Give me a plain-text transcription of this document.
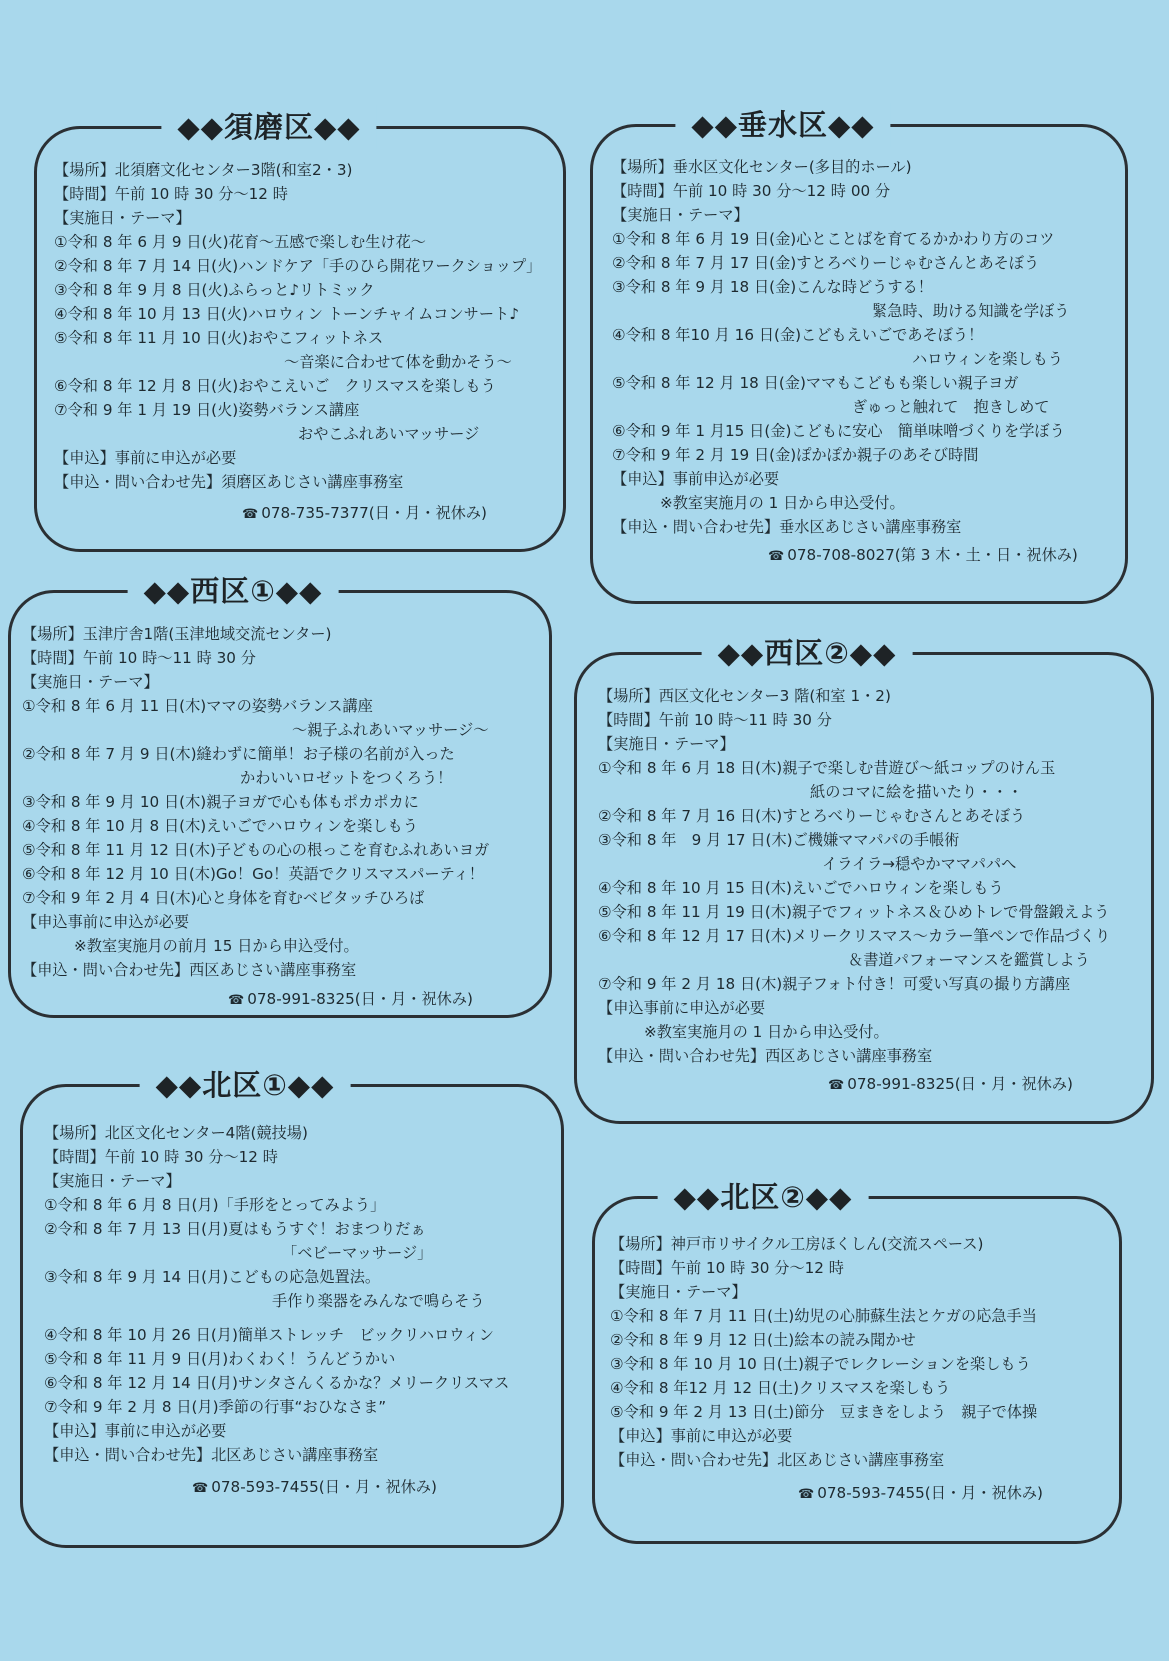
◆◆須磨区◆◆
【場所】北須磨文化センター3階(和室2・3)
【時間】午前 10 時 30 分～12 時
【実施日・テーマ】
①令和 8 年 6 月 9 日(火)花育～五感で楽しむ生け花～
②令和 8 年 7 月 14 日(火)ハンドケア「手のひら開花ワークショップ」
③令和 8 年 9 月 8 日(火)ふらっと♪リトミック
④令和 8 年 10 月 13 日(火)ハロウィン トーンチャイムコンサート♪
⑤令和 8 年 11 月 10 日(火)おやこフィットネス
～音楽に合わせて体を動かそう～
⑥令和 8 年 12 月 8 日(火)おやこえいご　クリスマスを楽しもう
⑦令和 9 年 1 月 19 日(火)姿勢バランス講座
おやこふれあいマッサージ
【申込】事前に申込が必要
【申込・問い合わせ先】須磨区あじさい講座事務室
☎ 078-735-7377(日・月・祝休み)
◆◆垂水区◆◆
【場所】垂水区文化センター(多目的ホール)
【時間】午前 10 時 30 分～12 時 00 分
【実施日・テーマ】
①令和 8 年 6 月 19 日(金)心とことばを育てるかかわり方のコツ
②令和 8 年 7 月 17 日(金)すとろべりーじゃむさんとあそぼう
③令和 8 年 9 月 18 日(金)こんな時どうする！
緊急時、助ける知識を学ぼう
④令和 8 年10 月 16 日(金)こどもえいごであそぼう！
ハロウィンを楽しもう
⑤令和 8 年 12 月 18 日(金)ママもこどもも楽しい親子ヨガ
ぎゅっと触れて　抱きしめて
⑥令和 9 年 1 月15 日(金)こどもに安心　簡単味噌づくりを学ぼう
⑦令和 9 年 2 月 19 日(金)ぽかぽか親子のあそび時間
【申込】事前申込が必要
※教室実施月の 1 日から申込受付。
【申込・問い合わせ先】垂水区あじさい講座事務室
☎ 078-708-8027(第 3 木・土・日・祝休み)
◆◆西区①◆◆
【場所】玉津庁舎1階(玉津地域交流センター)
【時間】午前 10 時～11 時 30 分
【実施日・テーマ】
①令和 8 年 6 月 11 日(木)ママの姿勢バランス講座
～親子ふれあいマッサージ～
②令和 8 年 7 月 9 日(木)縫わずに簡単！お子様の名前が入った
かわいいロゼットをつくろう！
③令和 8 年 9 月 10 日(木)親子ヨガで心も体もポカポカに
④令和 8 年 10 月 8 日(木)えいごでハロウィンを楽しもう
⑤令和 8 年 11 月 12 日(木)子どもの心の根っこを育むふれあいヨガ
⑥令和 8 年 12 月 10 日(木)Go！Go！英語でクリスマスパーティ！
⑦令和 9 年 2 月 4 日(木)心と身体を育むベビタッチひろば
【申込事前に申込が必要
※教室実施月の前月 15 日から申込受付。
【申込・問い合わせ先】西区あじさい講座事務室
☎ 078-991-8325(日・月・祝休み)
◆◆西区②◆◆
【場所】西区文化センター3 階(和室 1・2)
【時間】午前 10 時～11 時 30 分
【実施日・テーマ】
①令和 8 年 6 月 18 日(木)親子で楽しむ昔遊び～紙コップのけん玉
紙のコマに絵を描いたり・・・
②令和 8 年 7 月 16 日(木)すとろべりーじゃむさんとあそぼう
③令和 8 年　9 月 17 日(木)ご機嫌ママパパの手帳術
イライラ→穏やかママパパへ
④令和 8 年 10 月 15 日(木)えいごでハロウィンを楽しもう
⑤令和 8 年 11 月 19 日(木)親子でフィットネス＆ひめトレで骨盤鍛えよう
⑥令和 8 年 12 月 17 日(木)メリークリスマス～カラー筆ペンで作品づくり
＆書道パフォーマンスを鑑賞しよう
⑦令和 9 年 2 月 18 日(木)親子フォト付き！可愛い写真の撮り方講座
【申込事前に申込が必要
※教室実施月の 1 日から申込受付。
【申込・問い合わせ先】西区あじさい講座事務室
☎ 078-991-8325(日・月・祝休み)
◆◆北区①◆◆
【場所】北区文化センター4階(競技場)
【時間】午前 10 時 30 分～12 時
【実施日・テーマ】
①令和 8 年 6 月 8 日(月)「手形をとってみよう」
②令和 8 年 7 月 13 日(月)夏はもうすぐ！おまつりだぁ
「ベビーマッサージ」
③令和 8 年 9 月 14 日(月)こどもの応急処置法。
手作り楽器をみんなで鳴らそう
④令和 8 年 10 月 26 日(月)簡単ストレッチ　ビックリハロウィン
⑤令和 8 年 11 月 9 日(月)わくわく！うんどうかい
⑥令和 8 年 12 月 14 日(月)サンタさんくるかな？メリークリスマス
⑦令和 9 年 2 月 8 日(月)季節の行事“おひなさま”
【申込】事前に申込が必要
【申込・問い合わせ先】北区あじさい講座事務室
☎ 078-593-7455(日・月・祝休み)
◆◆北区②◆◆
【場所】神戸市リサイクル工房ほくしん(交流スペース)
【時間】午前 10 時 30 分～12 時
【実施日・テーマ】
①令和 8 年 7 月 11 日(土)幼児の心肺蘇生法とケガの応急手当
②令和 8 年 9 月 12 日(土)絵本の読み聞かせ
③令和 8 年 10 月 10 日(土)親子でレクレーションを楽しもう
④令和 8 年12 月 12 日(土)クリスマスを楽しもう
⑤令和 9 年 2 月 13 日(土)節分　豆まきをしよう　親子で体操
【申込】事前に申込が必要
【申込・問い合わせ先】北区あじさい講座事務室
☎ 078-593-7455(日・月・祝休み)
